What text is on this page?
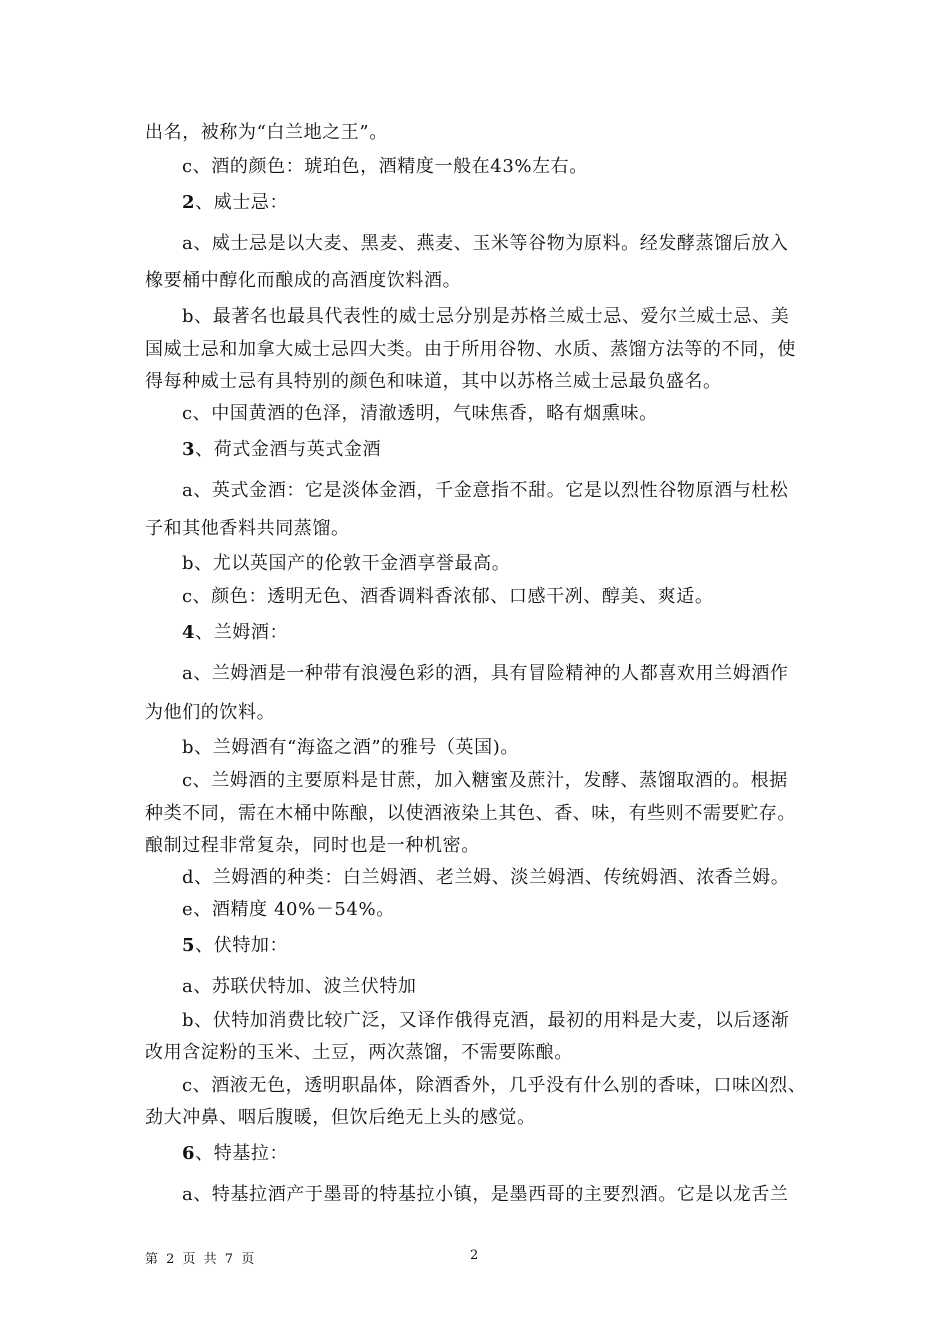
出名，被称为“白兰地之王”。
c、酒的颜色：琥珀色，酒精度一般在43%左右。
2、威士忌：
a、威士忌是以大麦、黑麦、燕麦、玉米等谷物为原料。经发酵蒸馏后放入
橡要桶中醇化而酿成的高酒度饮料酒。
b、最著名也最具代表性的威士忌分别是苏格兰威士忌、爱尔兰威士忌、美
国威士忌和加拿大威士忌四大类。由于所用谷物、水质、蒸馏方法等的不同，使
得每种威士忌有具特别的颜色和味道，其中以苏格兰威士忌最负盛名。
c、中国黄酒的色泽，清澈透明，气味焦香，略有烟熏味。
3、荷式金酒与英式金酒
a、英式金酒：它是淡体金酒，千金意指不甜。它是以烈性谷物原酒与杜松
子和其他香料共同蒸馏。
b、尤以英国产的伦敦干金酒享誉最高。
c、颜色：透明无色、酒香调料香浓郁、口感干冽、醇美、爽适。
4、兰姆酒：
a、兰姆酒是一种带有浪漫色彩的酒，具有冒险精神的人都喜欢用兰姆酒作
为他们的饮料。
b、兰姆酒有“海盗之酒”的雅号（英国)。
c、兰姆酒的主要原料是甘蔗，加入糖蜜及蔗汁，发酵、蒸馏取酒的。根据
种类不同，需在木桶中陈酿，以使酒液染上其色、香、味，有些则不需要贮存。
酿制过程非常复杂，同时也是一种机密。
d、兰姆酒的种类：白兰姆酒、老兰姆、淡兰姆酒、传统姆酒、浓香兰姆。
e、酒精度 40%－54%。
5、伏特加：
a、苏联伏特加、波兰伏特加
b、伏特加消费比较广泛，又译作俄得克酒，最初的用料是大麦，以后逐渐
改用含淀粉的玉米、土豆，两次蒸馏，不需要陈酿。
c、酒液无色，透明职晶体，除酒香外，几乎没有什么别的香味，口味凶烈、
劲大冲鼻、咽后腹暖，但饮后绝无上头的感觉。
6、特基拉：
a、特基拉酒产于墨哥的特基拉小镇，是墨西哥的主要烈酒。它是以龙舌兰
第 2 页 共 7 页	2
